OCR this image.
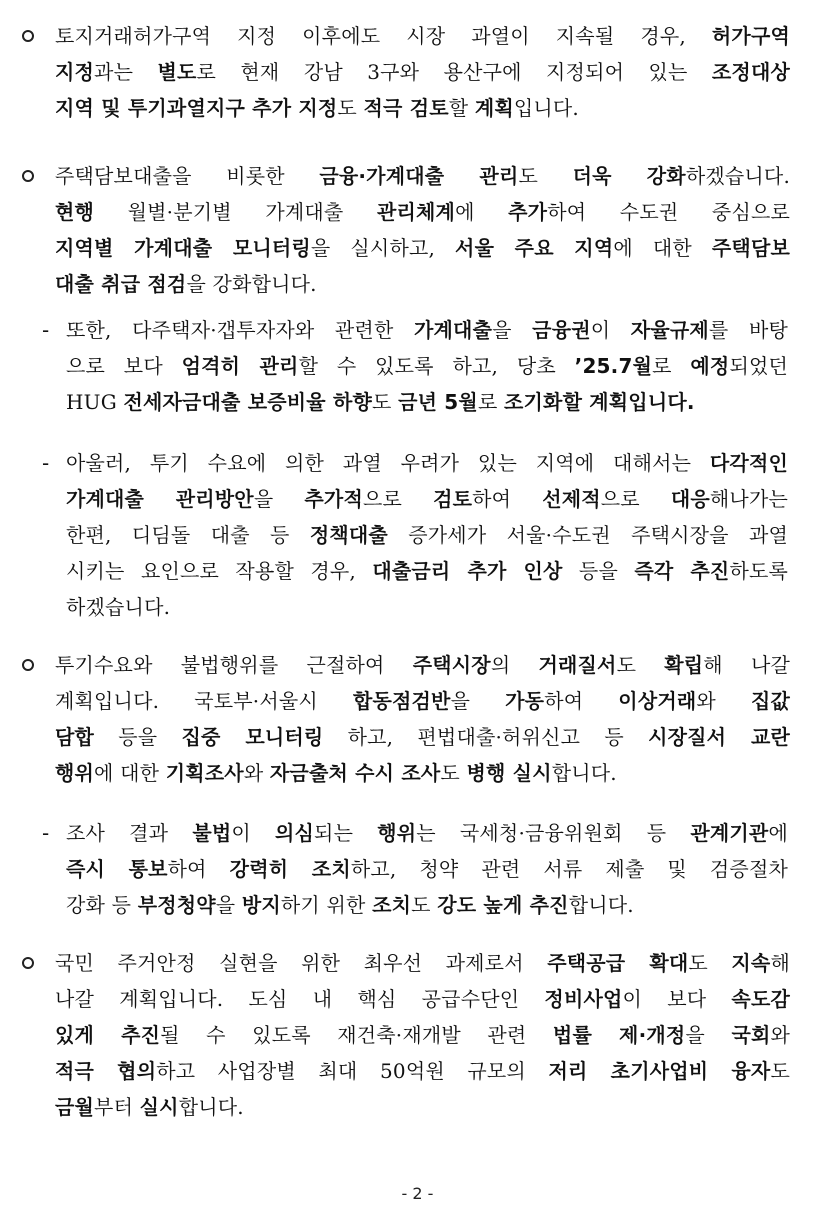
토지거래허가구역 지정 이후에도 시장 과열이 지속될 경우, 허가구역
지정과는 별도로 현재 강남 3구와 용산구에 지정되어 있는 조정대상
지역 및 투기과열지구 추가 지정도 적극 검토할 계획입니다.
주택담보대출을 비롯한 금융·가계대출 관리도 더욱 강화하겠습니다.
현행 월별·분기별 가계대출 관리체계에 추가하여 수도권 중심으로
지역별 가계대출 모니터링을 실시하고, 서울 주요 지역에 대한 주택담보
대출 취급 점검을 강화합니다.
- 또한, 다주택자·갭투자자와 관련한 가계대출을 금융권이 자율규제를 바탕
으로 보다 엄격히 관리할 수 있도록 하고, 당초 ’25.7월로 예정되었던
HUG 전세자금대출 보증비율 하향도 금년 5월로 조기화할 계획입니다.
- 아울러, 투기 수요에 의한 과열 우려가 있는 지역에 대해서는 다각적인
가계대출 관리방안을 추가적으로 검토하여 선제적으로 대응해나가는
한편, 디딤돌 대출 등 정책대출 증가세가 서울·수도권 주택시장을 과열
시키는 요인으로 작용할 경우, 대출금리 추가 인상 등을 즉각 추진하도록
하겠습니다.
투기수요와 불법행위를 근절하여 주택시장의 거래질서도 확립해 나갈
계획입니다. 국토부·서울시 합동점검반을 가동하여 이상거래와 집값
담합 등을 집중 모니터링 하고, 편법대출·허위신고 등 시장질서 교란
행위에 대한 기획조사와 자금출처 수시 조사도 병행 실시합니다.
- 조사 결과 불법이 의심되는 행위는 국세청·금융위원회 등 관계기관에
즉시 통보하여 강력히 조치하고, 청약 관련 서류 제출 및 검증절차
강화 등 부정청약을 방지하기 위한 조치도 강도 높게 추진합니다.
국민 주거안정 실현을 위한 최우선 과제로서 주택공급 확대도 지속해
나갈 계획입니다. 도심 내 핵심 공급수단인 정비사업이 보다 속도감
있게 추진될 수 있도록 재건축·재개발 관련 법률 제·개정을 국회와
적극 협의하고 사업장별 최대 50억원 규모의 저리 초기사업비 융자도
금월부터 실시합니다.
- 2 -
